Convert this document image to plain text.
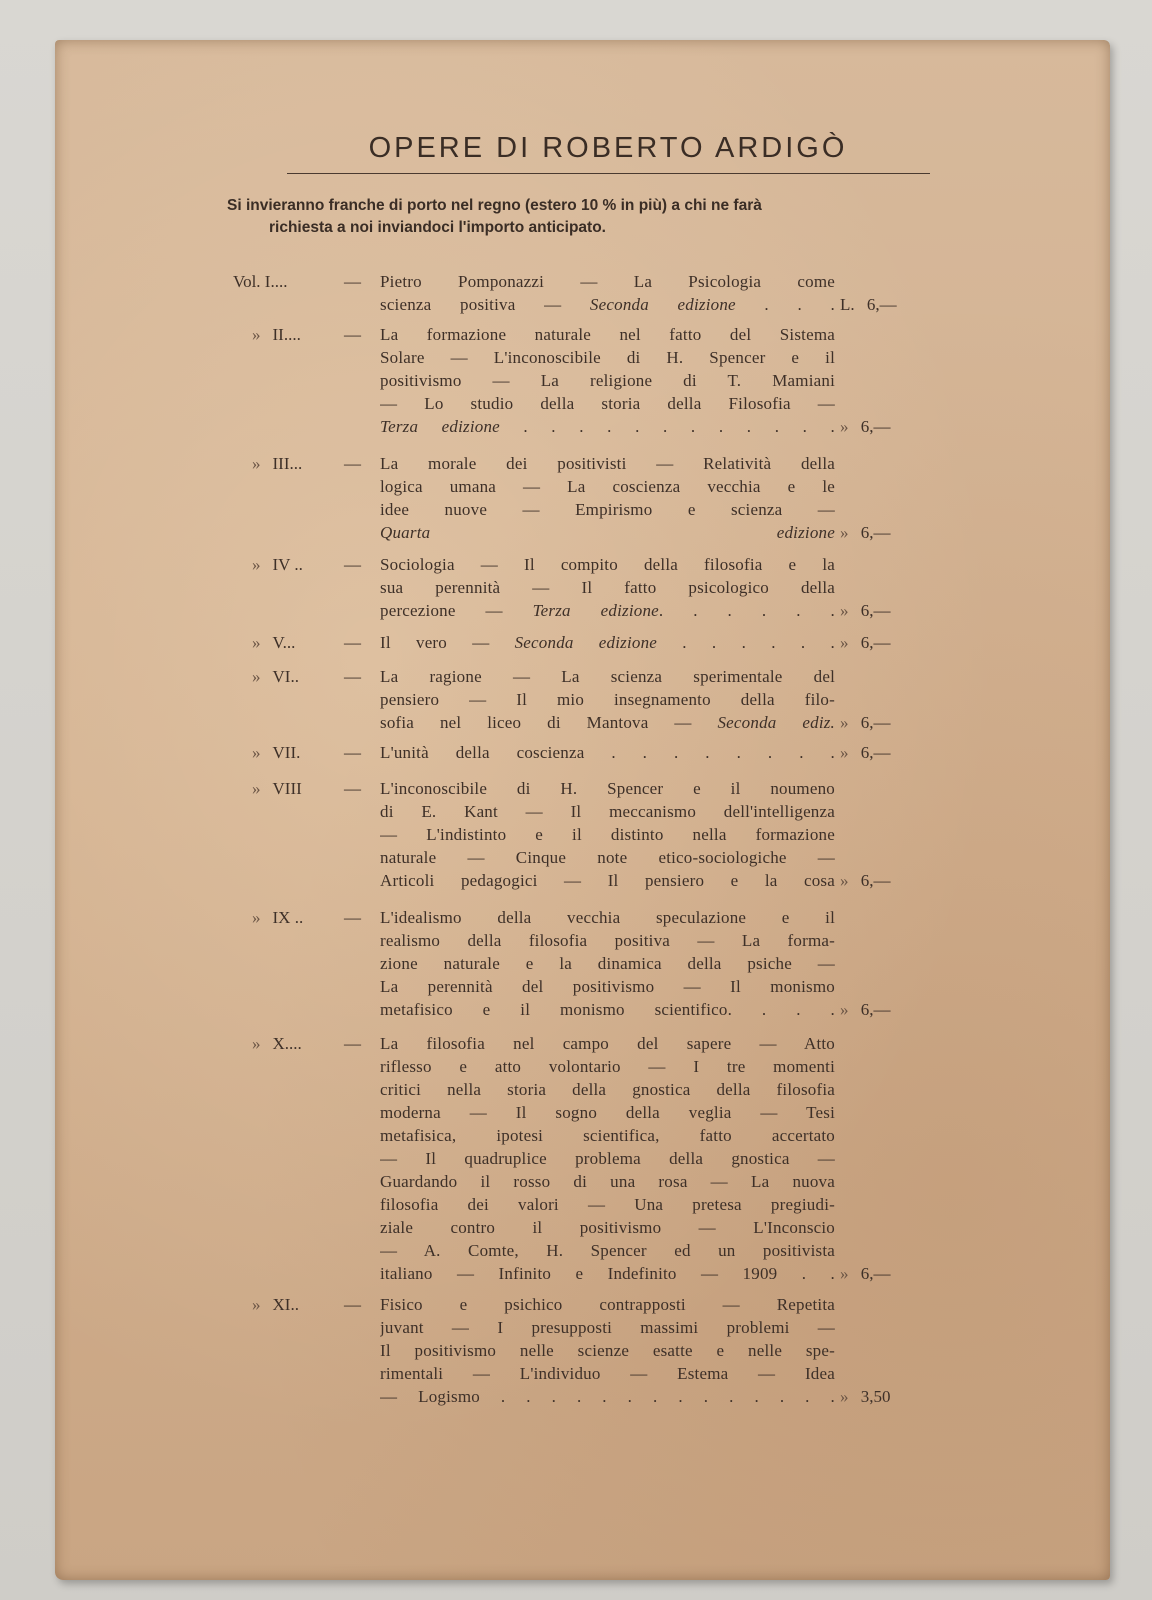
OPERE DI ROBERTO ARDIGÒ
Si invieranno franche di porto nel regno (estero 10 % in più) a chi ne farà
richiesta a noi inviandoci l'importo anticipato.
Vol. I....	— Pietro Pomponazzi — La Psicologia come
scienza positiva — Seconda edizione . . . L. 6,—
» II....	— La formazione naturale nel fatto del Sistema
Solare — L'inconoscibile di H. Spencer e il
positivismo — La religione di T. Mamiani
— Lo studio della storia della Filosofia —
Terza edizione . . . . . . . . . . . . » 6,—
» III... — La morale dei positivisti — Relatività della
logica umana — La coscienza vecchia e le
idee nuove — Empirismo e scienza —
Quarta edizione » 6,—
» IV .. — Sociologia — Il compito della filosofia e la
sua perennità — Il fatto psicologico della
percezione — Terza edizione. . . . . . » 6,—
» V...	— Il vero — Seconda edizione . . . . . . » 6,—
» VI..	— La ragione — La scienza sperimentale del
pensiero — Il mio insegnamento della filo-
sofia nel liceo di Mantova — Seconda ediz. » 6,—
» VII.	— L'unità della coscienza . . . . . . . . » 6,—
» VIII — L'inconoscibile di H. Spencer e il noumeno
di E. Kant — Il meccanismo dell'intelligenza
— L'indistinto e il distinto nella formazione
naturale — Cinque note etico-sociologiche —
Articoli pedagogici — Il pensiero e la cosa » 6,—
» IX .. — L'idealismo della vecchia speculazione e il
realismo della filosofia positiva — La forma-
zione naturale e la dinamica della psiche —
La perennità del positivismo — Il monismo
metafisico e il monismo scientifico. . . . » 6,—
» X.... — La filosofia nel campo del sapere — Atto
riflesso e atto volontario — I tre momenti
critici nella storia della gnostica della filosofia
moderna — Il sogno della veglia — Tesi
metafisica, ipotesi scientifica, fatto accertato
— Il quadruplice problema della gnostica —
Guardando il rosso di una rosa — La nuova
filosofia dei valori — Una pretesa pregiudi-
ziale contro il positivismo — L'Inconscio
— A. Comte, H. Spencer ed un positivista
italiano — Infinito e Indefinito — 1909 . . » 6,—
» XI..	— Fisico e psichico contrapposti — Repetita
juvant — I presupposti massimi problemi —
Il positivismo nelle scienze esatte e nelle spe-
rimentali — L'individuo — Estema — Idea
— Logismo . . . . . . . . . . . . . . » 3,50
